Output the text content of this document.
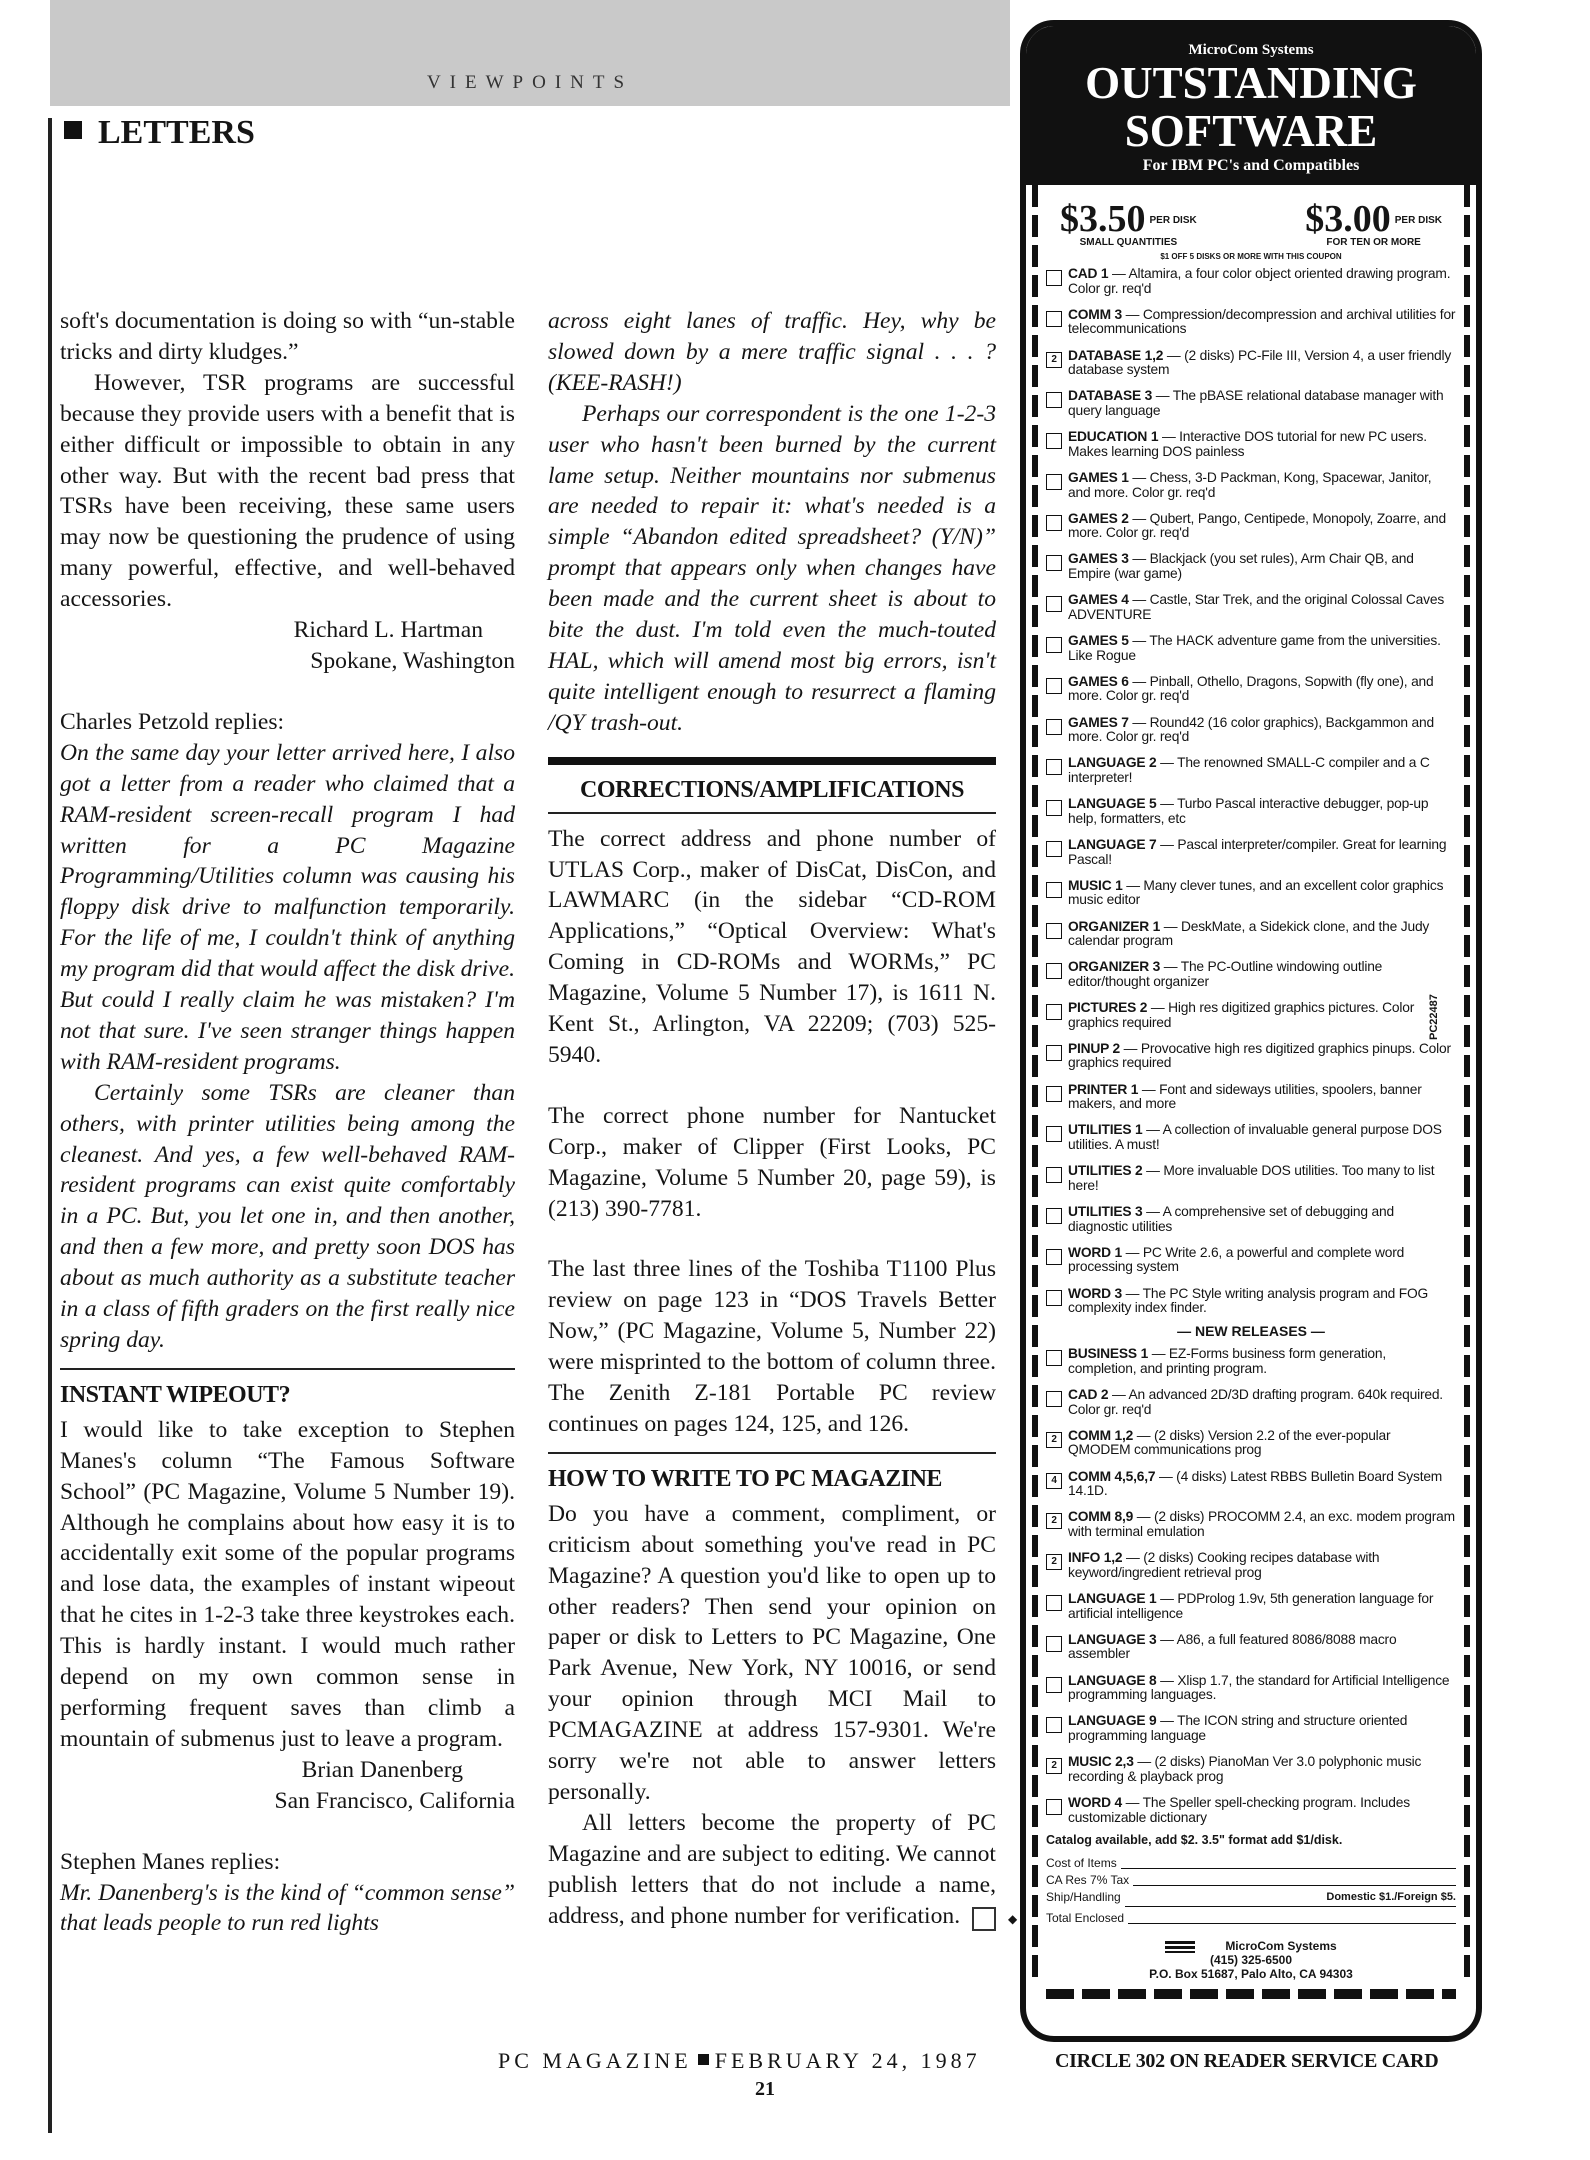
VIEWPOINTS
LETTERS

soft's documentation is doing so with “un-stable tricks and dirty kludges.”

However, TSR programs are successful because they provide users with a benefit that is either difficult or impossible to obtain in any other way. But with the recent bad press that TSRs have been receiving, these same users may now be questioning the prudence of using many powerful, effective, and well-behaved accessories.

Richard L. Hartman

Spokane, Washington

Charles Petzold replies:

On the same day your letter arrived here, I also got a letter from a reader who claimed that a RAM-resident screen-recall program I had written for a PC Magazine Programming/Utilities column was causing his floppy disk drive to malfunction temporarily. For the life of me, I couldn't think of anything my program did that would affect the disk drive. But could I really claim he was mistaken? I'm not that sure. I've seen stranger things happen with RAM-resident programs.

Certainly some TSRs are cleaner than others, with printer utilities being among the cleanest. And yes, a few well-behaved RAM-resident programs can exist quite comfortably in a PC. But, you let one in, and then another, and then a few more, and pretty soon DOS has about as much authority as a substitute teacher in a class of fifth graders on the first really nice spring day.

INSTANT WIPEOUT?

I would like to take exception to Stephen Manes's column “The Famous Software School” (PC Magazine, Volume 5 Number 19). Although he complains about how easy it is to accidentally exit some of the popular programs and lose data, the examples of instant wipeout that he cites in 1-2-3 take three keystrokes each. This is hardly instant. I would much rather depend on my own common sense in performing frequent saves than climb a mountain of submenus just to leave a program.

Brian Danenberg

San Francisco, California

Stephen Manes replies:

Mr. Danenberg's is the kind of “common sense” that leads people to run red lights

across eight lanes of traffic. Hey, why be slowed down by a mere traffic signal . . . ? (KEE-RASH!)

Perhaps our correspondent is the one 1-2-3 user who hasn't been burned by the current lame setup. Neither mountains nor submenus are needed to repair it: what's needed is a simple “Abandon edited spreadsheet? (Y/N)” prompt that appears only when changes have been made and the current sheet is about to bite the dust. I'm told even the much-touted HAL, which will amend most big errors, isn't quite intelligent enough to resurrect a flaming /QY trash-out.

CORRECTIONS/AMPLIFICATIONS

The correct address and phone number of UTLAS Corp., maker of DisCat, DisCon, and LAWMARC (in the sidebar “CD-ROM Applications,” “Optical Overview: What's Coming in CD-ROMs and WORMs,” PC Magazine, Volume 5 Number 17), is 1611 N. Kent St., Arlington, VA 22209; (703) 525-5940.

The correct phone number for Nantucket Corp., maker of Clipper (First Looks, PC Magazine, Volume 5 Number 20, page 59), is (213) 390-7781.

The last three lines of the Toshiba T1100 Plus review on page 123 in “DOS Travels Better Now,” (PC Magazine, Volume 5, Number 22) were misprinted to the bottom of column three. The Zenith Z-181 Portable PC review continues on pages 124, 125, and 126.

HOW TO WRITE TO PC MAGAZINE

Do you have a comment, compliment, or criticism about something you've read in PC Magazine? A question you'd like to open up to other readers? Then send your opinion on paper or disk to Letters to PC Magazine, One Park Avenue, New York, NY 10016, or send your opinion through MCI Mail to PCMAGAZINE at address 157-9301. We're sorry we're not able to answer letters personally.

All letters become the property of PC Magazine and are subject to editing. We cannot publish letters that do not include a name, address, and phone number for verification.	◆

MicroCom Systems
OUTSTANDING
SOFTWARE
For IBM PC's and Compatibles
$3.50 PER DISK
SMALL QUANTITIES
$3.00 PER DISK
FOR TEN OR MORE
$1 OFF 5 DISKS OR MORE WITH THIS COUPON
CAD 1 — Altamira, a four color object oriented drawing program. Color gr. req'd
COMM 3 — Compression/decompression and archival utilities for telecommunications
2 DATABASE 1,2 — (2 disks) PC-File III, Version 4, a user friendly database system
DATABASE 3 — The pBASE relational database manager with query language
EDUCATION 1 — Interactive DOS tutorial for new PC users. Makes learning DOS painless
GAMES 1 — Chess, 3-D Packman, Kong, Spacewar, Janitor, and more. Color gr. req'd
GAMES 2 — Qubert, Pango, Centipede, Monopoly, Zoarre, and more. Color gr. req'd
GAMES 3 — Blackjack (you set rules), Arm Chair QB, and Empire (war game)
GAMES 4 — Castle, Star Trek, and the original Colossal Caves ADVENTURE
GAMES 5 — The HACK adventure game from the universities. Like Rogue
GAMES 6 — Pinball, Othello, Dragons, Sopwith (fly one), and more. Color gr. req'd
GAMES 7 — Round42 (16 color graphics), Backgammon and more. Color gr. req'd
LANGUAGE 2 — The renowned SMALL-C compiler and a C interpreter!
LANGUAGE 5 — Turbo Pascal interactive debugger, pop-up help, formatters, etc
LANGUAGE 7 — Pascal interpreter/compiler. Great for learning Pascal!
MUSIC 1 — Many clever tunes, and an excellent color graphics music editor
ORGANIZER 1 — DeskMate, a Sidekick clone, and the Judy calendar program
ORGANIZER 3 — The PC-Outline windowing outline editor/thought organizer
PICTURES 2 — High res digitized graphics pictures. Color graphics required
PINUP 2 — Provocative high res digitized graphics pinups. Color graphics required
PRINTER 1 — Font and sideways utilities, spoolers, banner makers, and more
UTILITIES 1 — A collection of invaluable general purpose DOS utilities. A must!
UTILITIES 2 — More invaluable DOS utilities. Too many to list here!
UTILITIES 3 — A comprehensive set of debugging and diagnostic utilities
WORD 1 — PC Write 2.6, a powerful and complete word processing system
WORD 3 — The PC Style writing analysis program and FOG complexity index finder.
— NEW RELEASES —
BUSINESS 1 — EZ-Forms business form generation, completion, and printing program.
CAD 2 — An advanced 2D/3D drafting program. 640k required. Color gr. req'd
2 COMM 1,2 — (2 disks) Version 2.2 of the ever-popular QMODEM communications prog
4 COMM 4,5,6,7 — (4 disks) Latest RBBS Bulletin Board System 14.1D.
2 COMM 8,9 — (2 disks) PROCOMM 2.4, an exc. modem program with terminal emulation
2 INFO 1,2 — (2 disks) Cooking recipes database with keyword/ingredient retrieval prog
LANGUAGE 1 — PDProlog 1.9v, 5th generation language for artificial intelligence
LANGUAGE 3 — A86, a full featured 8086/8088 macro assembler
LANGUAGE 8 — Xlisp 1.7, the standard for Artificial Intelligence programming languages.
LANGUAGE 9 — The ICON string and structure oriented programming language
2 MUSIC 2,3 — (2 disks) PianoMan Ver 3.0 polyphonic music recording & playback prog
WORD 4 — The Speller spell-checking program. Includes customizable dictionary
Catalog available, add $2. 3.5" format add $1/disk.
Cost of Items
CA Res 7% Tax
Ship/Handling	Domestic $1./Foreign $5.
Total Enclosed
MicroCom Systems
(415) 325-6500
P.O. Box 51687, Palo Alto, CA 94303
PC22487
PC MAGAZINE FEBRUARY 24, 1987	CIRCLE 302 ON READER SERVICE CARD
21
